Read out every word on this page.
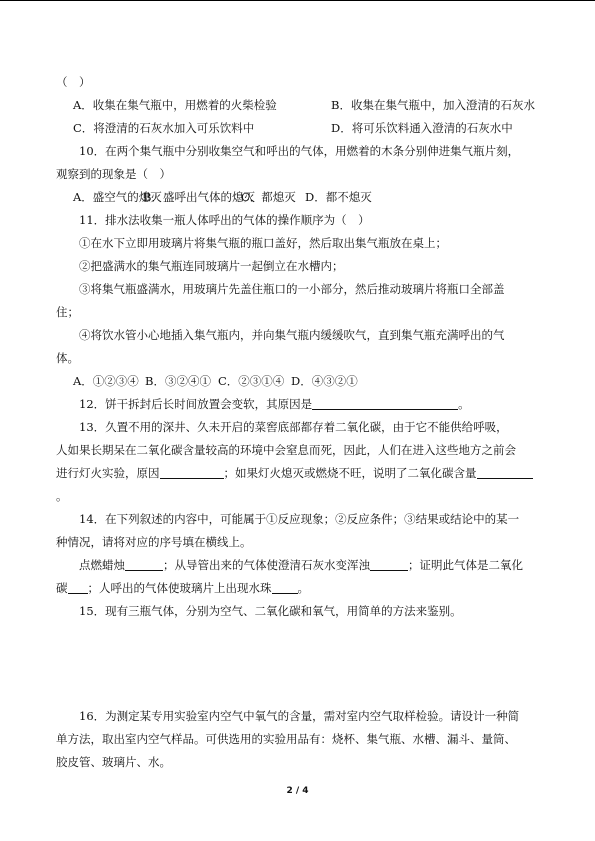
（　）
A．收集在集气瓶中，用燃着的火柴检验	B．收集在集气瓶中，加入澄清的石灰水
C．将澄清的石灰水加入可乐饮料中	D．将可乐饮料通入澄清的石灰水中
10．在两个集气瓶中分别收集空气和呼出的气体，用燃着的木条分别伸进集气瓶片刻，
观察到的现象是（　）
A．盛空气的熄灭B．盛呼出气体的熄灭C．都熄灭 D．都不熄灭
11．排水法收集一瓶人体呼出的气体的操作顺序为（　）
①在水下立即用玻璃片将集气瓶的瓶口盖好，然后取出集气瓶放在桌上；
②把盛满水的集气瓶连同玻璃片一起倒立在水槽内；
③将集气瓶盛满水，用玻璃片先盖住瓶口的一小部分，然后推动玻璃片将瓶口全部盖
住；
④将饮水管小心地插入集气瓶内，并向集气瓶内缓缓吹气，直到集气瓶充满呼出的气
体。
A．①②③④ B．③②④① C．②③①④ D．④③②①
12．饼干拆封后长时间放置会变软，其原因是	。
13．久置不用的深井、久未开启的菜窖底部都存着二氧化碳，由于它不能供给呼吸，
人如果长期呆在二氧化碳含量较高的环境中会窒息而死，因此，人们在进入这些地方之前会
进行灯火实验，原因	；如果灯火熄灭或燃烧不旺，说明了二氧化碳含量
。
14．在下列叙述的内容中，可能属于①反应现象；②反应条件；③结果或结论中的某一
种情况，请将对应的序号填在横线上。
点燃蜡烛	；从导管出来的气体使澄清石灰水变浑浊	；证明此气体是二氧化
碳 ；人呼出的气体使玻璃片上出现水珠 。
15．现有三瓶气体，分别为空气、二氧化碳和氧气，用简单的方法来鉴别。
16．为测定某专用实验室内空气中氧气的含量，需对室内空气取样检验。请设计一种简
单方法，取出室内空气样品。可供选用的实验用品有：烧杯、集气瓶、水槽、漏斗、量筒、
胶皮管、玻璃片、水。
2 / 4
